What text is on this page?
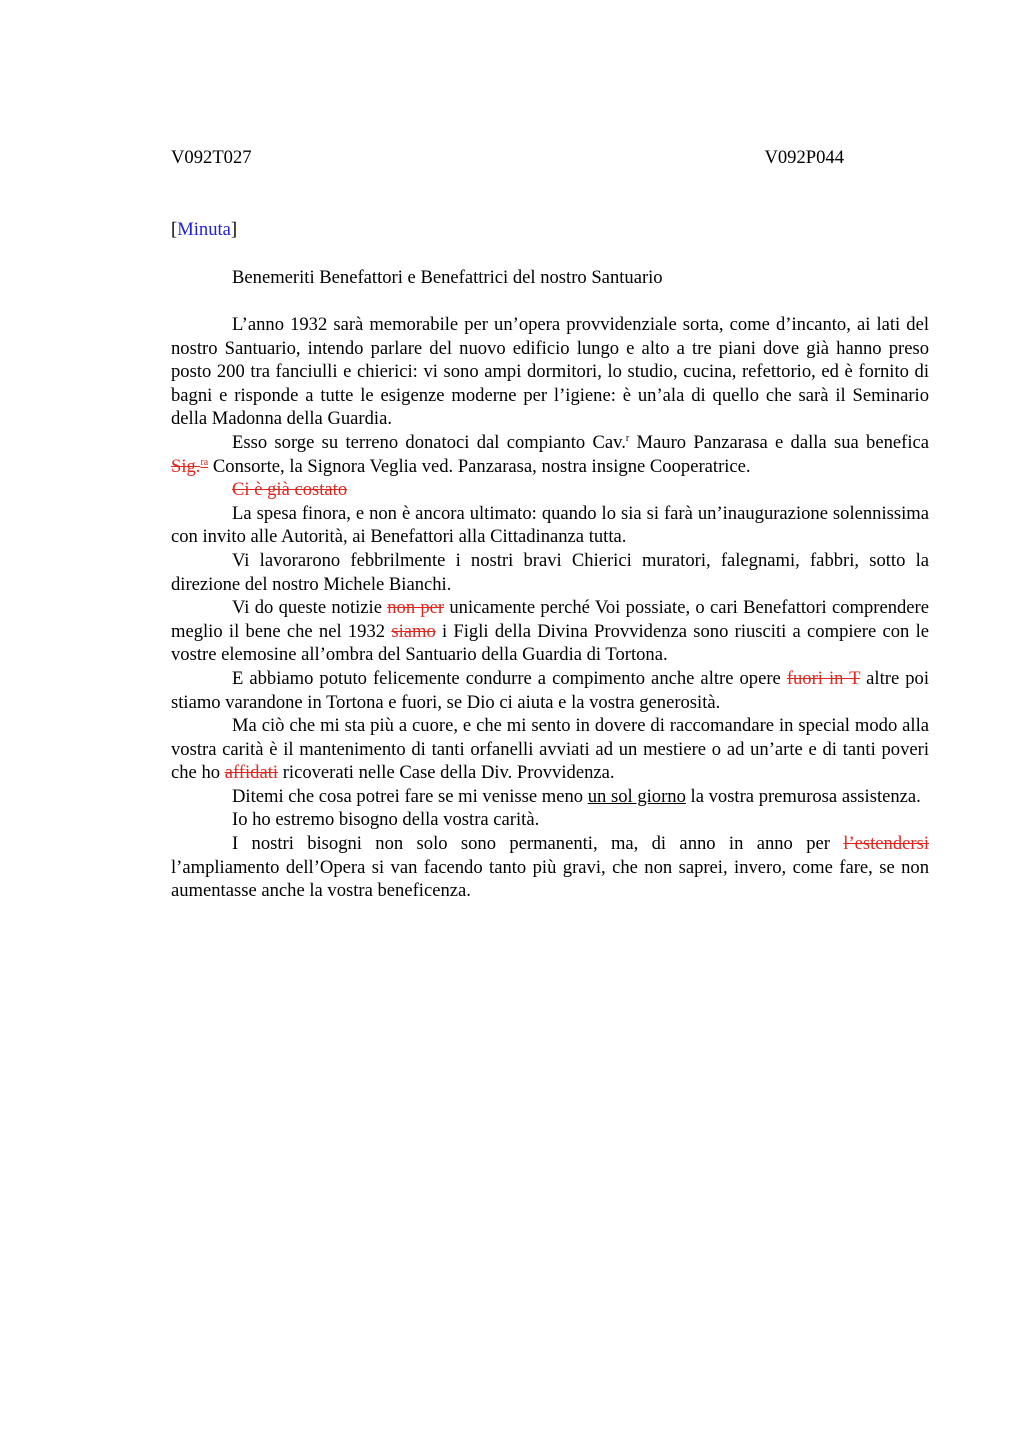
V092T027	V092P044
[Minuta]
Benemeriti Benefattori e Benefattrici del nostro Santuario

L’anno 1932 sarà memorabile per un’opera provvidenziale sorta, come d’incanto, ai lati del nostro Santuario, intendo parlare del nuovo edificio lungo e alto a tre piani dove già hanno preso posto 200 tra fanciulli e chierici: vi sono ampi dormitori, lo studio, cucina, refettorio, ed è fornito di bagni e risponde a tutte le esigenze moderne per l’igiene: è un’ala di quello che sarà il Seminario della Madonna della Guardia.

Esso sorge su terreno donatoci dal compianto Cav.$^r$ Mauro Panzarasa e dalla sua benefica Sig.$^{ra}$ Consorte, la Signora Veglia ved. Panzarasa, nostra insigne Cooperatrice.

Ci è già costato

La spesa finora, e non è ancora ultimato: quando lo sia si farà un’inaugurazione solennissima con invito alle Autorità, ai Benefattori alla Cittadinanza tutta.

Vi lavorarono febbrilmente i nostri bravi Chierici muratori, falegnami, fabbri, sotto la direzione del nostro Michele Bianchi.

Vi do queste notizie non per unicamente perché Voi possiate, o cari Benefattori comprendere meglio il bene che nel 1932 siamo i Figli della Divina Provvidenza sono riusciti a compiere con le vostre elemosine all’ombra del Santuario della Guardia di Tortona.

E abbiamo potuto felicemente condurre a compimento anche altre opere fuori in T altre poi stiamo varandone in Tortona e fuori, se Dio ci aiuta e la vostra generosità.

Ma ciò che mi sta più a cuore, e che mi sento in dovere di raccomandare in special modo alla vostra carità è il mantenimento di tanti orfanelli avviati ad un mestiere o ad un’arte e di tanti poveri che ho affidati ricoverati nelle Case della Div. Provvidenza.

Ditemi che cosa potrei fare se mi venisse meno un sol giorno la vostra premurosa assistenza.

Io ho estremo bisogno della vostra carità.

I nostri bisogni non solo sono permanenti, ma, di anno in anno per l’estendersi l’ampliamento dell’Opera si van facendo tanto più gravi, che non saprei, invero, come fare, se non aumentasse anche la vostra beneficenza.
